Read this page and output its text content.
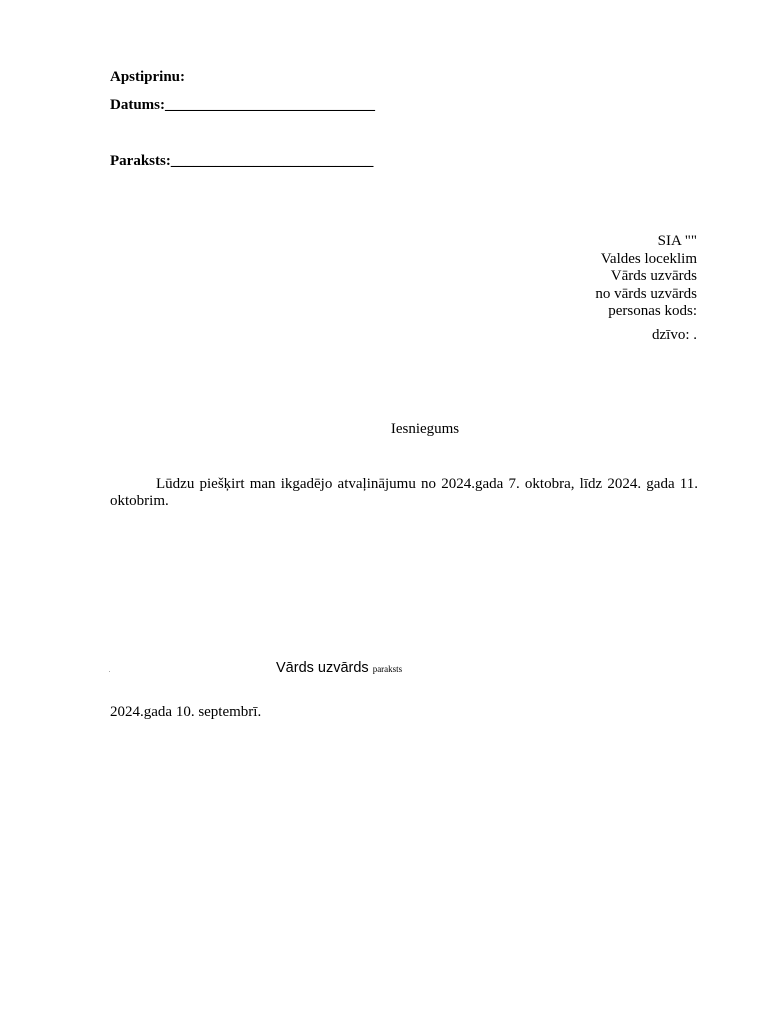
Apstiprinu:
Datums:____________________________
Paraksts:___________________________
SIA ""
Valdes loceklim
Vārds uzvārds
no vārds uzvārds
personas kods:
dzīvo: .
Iesniegums
Lūdzu piešķirt man ikgadējo atvaļinājumu no 2024.gada 7. oktobra, līdz 2024. gada 11. oktobrim.
Vārds uzvārds paraksts
2024.gada 10. septembrī.
